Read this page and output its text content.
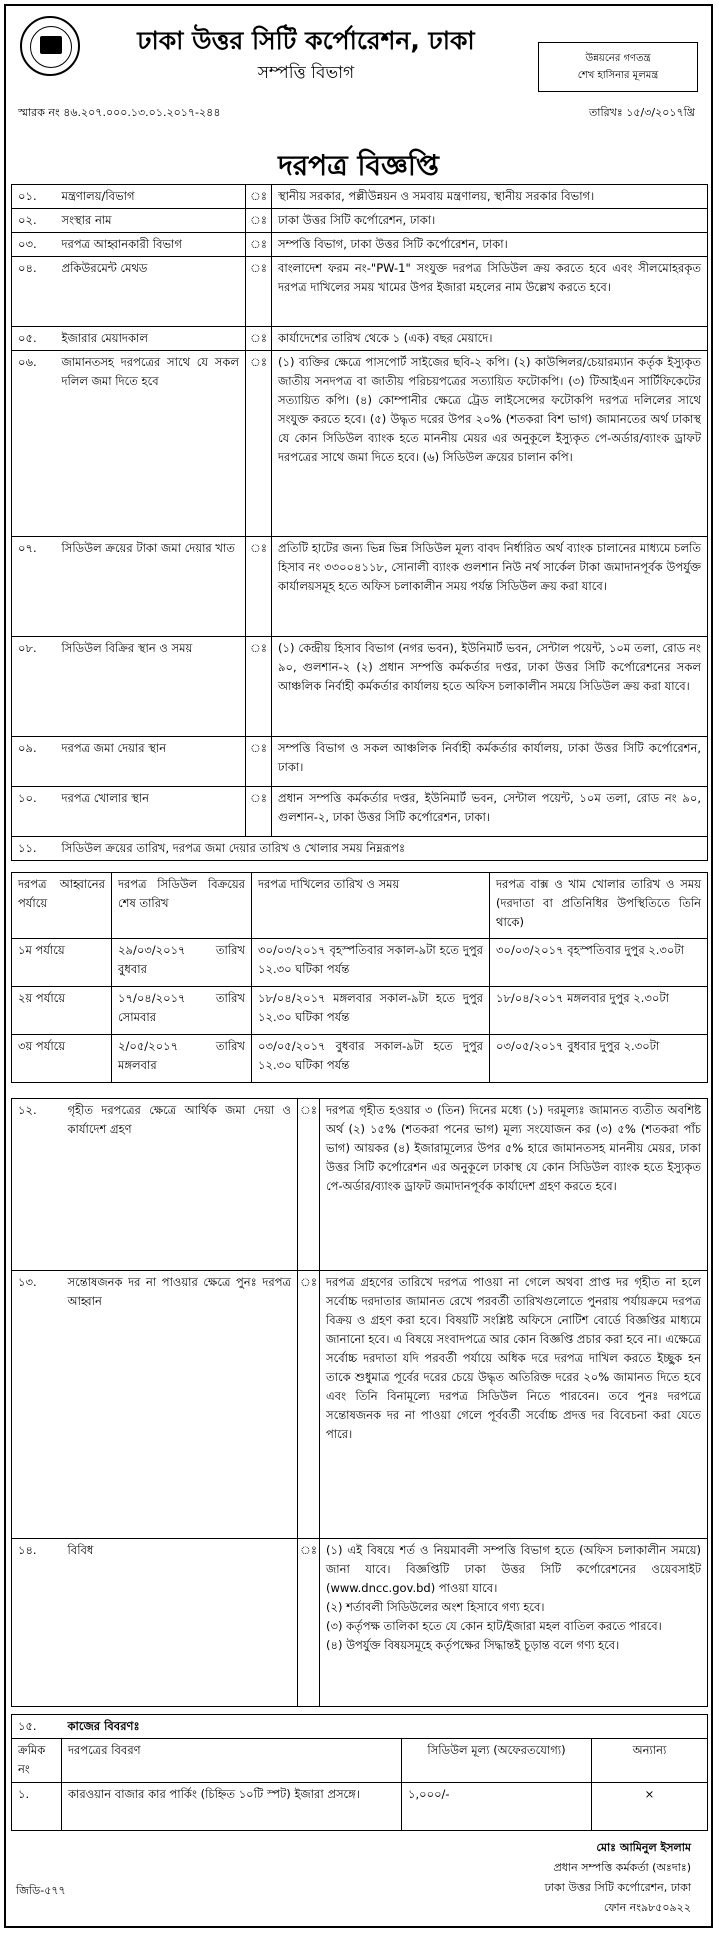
ঢাকা উত্তর সিটি কর্পোরেশন, ঢাকা
সম্পত্তি বিভাগ
উন্নয়নের গণতন্ত্র
শেখ হাসিনার মূলমন্ত্র
স্মারক নং ৪৬.২০৭.০০০.১৩.০১.২০১৭-২৪৪	তারিখঃ ১৫/৩/২০১৭খ্রি
দরপত্র বিজ্ঞপ্তি
০১.	মন্ত্রণালয়/বিভাগ	ঃ	স্থানীয় সরকার, পল্লীউন্নয়ন ও সমবায় মন্ত্রণালয়, স্থানীয় সরকার বিভাগ।
০২.	সংস্থার নাম	ঃ	ঢাকা উত্তর সিটি কর্পোরেশন, ঢাকা।
০৩.	দরপত্র আহ্বানকারী বিভাগ	ঃ	সম্পত্তি বিভাগ, ঢাকা উত্তর সিটি কর্পোরেশন, ঢাকা।
০৪.	প্রকিউরমেন্ট মেথড	ঃ	বাংলাদেশ ফরম নং-"PW-1" সংযুক্ত দরপত্র সিডিউল ক্রয় করতে হবে এবং সীলমোহরকৃত দরপত্র দাখিলের সময় খামের উপর ইজারা মহলের নাম উল্লেখ করতে হবে।
০৫.	ইজারার মেয়াদকাল	ঃ	কার্যাদেশের তারিখ থেকে ১ (এক) বছর মেয়াদে।
০৬.	জামানতসহ দরপত্রের সাথে যে সকল দলিল জমা দিতে হবে	ঃ	(১) ব্যক্তির ক্ষেত্রে পাসপোর্ট সাইজের ছবি-২ কপি। (২) কাউন্সিলর/চেয়ারম্যান কর্তৃক ইস্যুকৃত জাতীয় সনদপত্র বা জাতীয় পরিচয়পত্রের সত্যায়িত ফটোকপি। (৩) টিআইএন সার্টিফিকেটের সত্যায়িত কপি। (৪) কোম্পানীর ক্ষেত্রে ট্রেড লাইসেন্সের ফটোকপি দরপত্র দলিলের সাথে সংযুক্ত করতে হবে। (৫) উদ্ধৃত দরের উপর ২০% (শতকরা বিশ ভাগ) জামানতের অর্থ ঢাকাস্থ যে কোন সিডিউল ব্যাংক হতে মাননীয় মেয়র এর অনুকূলে ইস্যুকৃত পে-অর্ডার/ব্যাংক ড্রাফট দরপত্রের সাথে জমা দিতে হবে। (৬) সিডিউল ক্রয়ের চালান কপি।
০৭.	সিডিউল ক্রয়ের টাকা জমা দেয়ার খাত	ঃ	প্রতিটি হাটের জন্য ভিন্ন ভিন্ন সিডিউল মূল্য বাবদ নির্ধারিত অর্থ ব্যাংক চালানের মাধ্যমে চলতি হিসাব নং ৩৩০০৪১১৮, সোনালী ব্যাংক গুলশান নিউ নর্থ সার্কেল টাকা জমাদানপূর্বক উপর্যুক্ত কার্যালয়সমূহ হতে অফিস চলাকালীন সময় পর্যন্ত সিডিউল ক্রয় করা যাবে।
০৮.	সিডিউল বিক্রির স্থান ও সময়	ঃ	(১) কেন্দ্রীয় হিসাব বিভাগ (নগর ভবন), ইউনিমার্ট ভবন, সেন্টাল পয়েন্ট, ১০ম তলা, রোড নং ৯০, গুলশান-২ (২) প্রধান সম্পত্তি কর্মকর্তার দপ্তর, ঢাকা উত্তর সিটি কর্পোরেশনের সকল আঞ্চলিক নির্বাহী কর্মকর্তার কার্যালয় হতে অফিস চলাকালীন সময়ে সিডিউল ক্রয় করা যাবে।
০৯.	দরপত্র জমা দেয়ার স্থান	ঃ	সম্পত্তি বিভাগ ও সকল আঞ্চলিক নির্বাহী কর্মকর্তার কার্যালয়, ঢাকা উত্তর সিটি কর্পোরেশন, ঢাকা।
১০.	দরপত্র খোলার স্থান	ঃ	প্রধান সম্পত্তি কর্মকর্তার দপ্তর, ইউনিমার্ট ভবন, সেন্টাল পয়েন্ট, ১০ম তলা, রোড নং ৯০, গুলশান-২, ঢাকা উত্তর সিটি কর্পোরেশন, ঢাকা।
১১.	সিডিউল ক্রয়ের তারিখ, দরপত্র জমা দেয়ার তারিখ ও খোলার সময় নিম্নরূপঃ		
দরপত্র আহ্বানের পর্যায়ে	দরপত্র সিডিউল বিক্রয়ের শেষ তারিখ	দরপত্র দাখিলের তারিখ ও সময়	দরপত্র বাক্স ও খাম খোলার তারিখ ও সময় (দরদাতা বা প্রতিনিধির উপস্থিতিতে তিনি থাকে)
১ম পর্যায়ে	২৯/০৩/২০১৭ তারিখ বুধবার	৩০/০৩/২০১৭ বৃহস্পতিবার সকাল-৯টা হতে দুপুর ১২.৩০ ঘটিকা পর্যন্ত	৩০/০৩/২০১৭ বৃহস্পতিবার দুপুর ২.৩০টা
২য় পর্যায়ে	১৭/০৪/২০১৭ তারিখ সোমবার	১৮/০৪/২০১৭ মঙ্গলবার সকাল-৯টা হতে দুপুর ১২.৩০ ঘটিকা পর্যন্ত	১৮/০৪/২০১৭ মঙ্গলবার দুপুর ২.৩০টা
৩য় পর্যায়ে	২/০৫/২০১৭ তারিখ মঙ্গলবার	০৩/০৫/২০১৭ বুধবার সকাল-৯টা হতে দুপুর ১২.৩০ ঘটিকা পর্যন্ত	০৩/০৫/২০১৭ বুধবার দুপুর ২.৩০টা
১২.	গৃহীত দরপত্রের ক্ষেত্রে আর্থিক জমা দেয়া ও কার্যাদেশ গ্রহণ	ঃ	দরপত্র গৃহীত হওয়ার ৩ (তিন) দিনের মধ্যে (১) দরমূল্যঃ জামানত ব্যতীত অবশিষ্ট অর্থ (২) ১৫% (শতকরা পনের ভাগ) মূল্য সংযোজন কর (৩) ৫% (শতকরা পাঁচ ভাগ) আয়কর (৪) ইজারামূল্যের উপর ৫% হারে জামানতসহ মাননীয় মেয়র, ঢাকা উত্তর সিটি কর্পোরেশন এর অনুকূলে ঢাকাস্থ যে কোন সিডিউল ব্যাংক হতে ইস্যুকৃত পে-অর্ডার/ব্যাংক ড্রাফট জমাদানপূর্বক কার্যাদেশ গ্রহণ করতে হবে।
১৩.	সন্তোষজনক দর না পাওয়ার ক্ষেত্রে পুনঃ দরপত্র আহ্বান	ঃ	দরপত্র গ্রহণের তারিখে দরপত্র পাওয়া না গেলে অথবা প্রাপ্ত দর গৃহীত না হলে সর্বোচ্চ দরদাতার জামানত রেখে পরবর্তী তারিখগুলোতে পুনরায় পর্যায়ক্রমে দরপত্র বিক্রয় ও গ্রহণ করা হবে। বিষয়টি সংশ্লিষ্ট অফিসে নোটিশ বোর্ডে বিজ্ঞপ্তির মাধ্যমে জানানো হবে। এ বিষয়ে সংবাদপত্রে আর কোন বিজ্ঞপ্তি প্রচার করা হবে না। এক্ষেত্রে সর্বোচ্চ দরদাতা যদি পরবর্তী পর্যায়ে অধিক দরে দরপত্র দাখিল করতে ইচ্ছুক হন তাকে শুধুমাত্র পূর্বের দরের চেয়ে উদ্ধৃত অতিরিক্ত দরের ২০% জামানত দিতে হবে এবং তিনি বিনামূল্যে দরপত্র সিডিউল নিতে পারবেন। তবে পুনঃ দরপত্রে সন্তোষজনক দর না পাওয়া গেলে পূর্ববর্তী সর্বোচ্চ প্রদত্ত দর বিবেচনা করা যেতে পারে।
১৪.	বিবিধ	ঃ	(১) এই বিষয়ে শর্ত ও নিয়মাবলী সম্পত্তি বিভাগ হতে (অফিস চলাকালীন সময়ে) জানা যাবে। বিজ্ঞপ্তিটি ঢাকা উত্তর সিটি কর্পোরেশনের ওয়েবসাইট (www.dncc.gov.bd) পাওয়া যাবে।
(২) শর্তাবলী সিডিউলের অংশ হিসাবে গণ্য হবে।
(৩) কর্তৃপক্ষ তালিকা হতে যে কোন হাট/ইজারা মহল বাতিল করতে পারবে।
(৪) উপর্যুক্ত বিষয়সমূহে কর্তৃপক্ষের সিদ্ধান্তই চূড়ান্ত বলে গণ্য হবে।
১৫.	কাজের বিবরণঃ		
ক্রমিক নং	দরপত্রের বিবরণ	সিডিউল মূল্য (অফেরতযোগ্য)	অন্যান্য
১.	কারওয়ান বাজার কার পার্কিং (চিহ্নিত ১০টি স্পট) ইজারা প্রসঙ্গে।	১,০০০/-	×
মোঃ আমিনুল ইসলাম
প্রধান সম্পত্তি কর্মকর্তা (অঃদাঃ)
ঢাকা উত্তর সিটি কর্পোরেশন, ঢাকা
ফোন নং৯৮৫০৯২২
জিডি-৫৭৭
